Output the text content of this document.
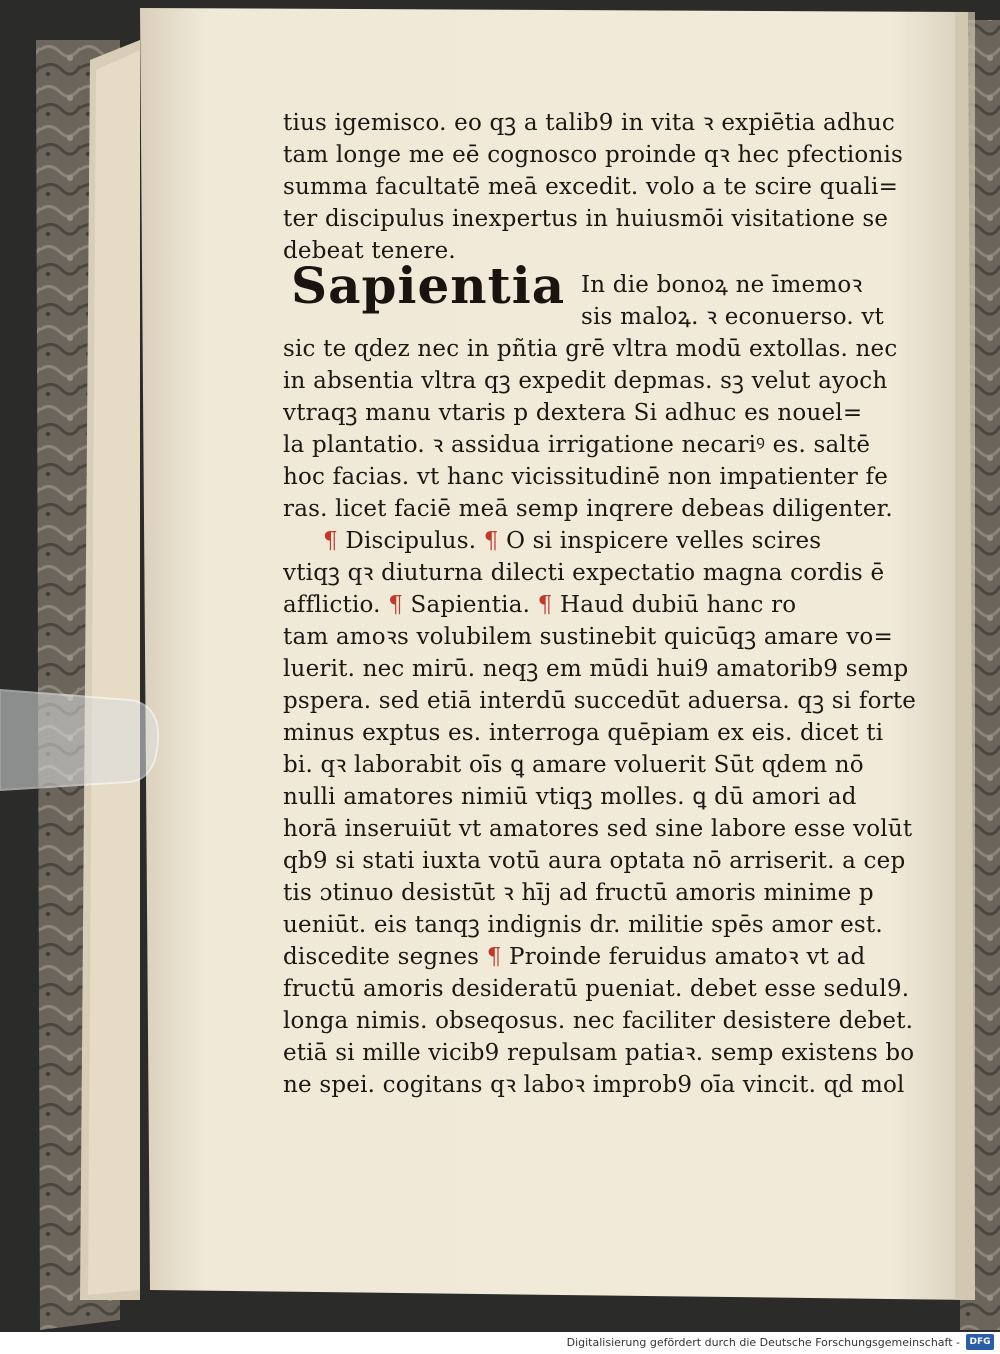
tius igemisco. eo qꝫ a talib9 in vita ꝛ expiētia adhuc
tam longe me eē cognosco proinde qꝛ hec pfectionis
summa facultatē meā excedit. volo a te scire quali=
ter discipulus inexpertus in huiusmōi visitatione se
debeat tenere.
Sapientia In die bonoꝝ ne īmemoꝛ
sis maloꝝ. ꝛ econuerso. vt
sic te ɋdez nec in pñtia grē vltra modū extollas. nec
in absentia vltra qꝫ expedit depmas. sꝫ velut ayoch
vtraqꝫ manu vtaris p dextera Si adhuc es nouel=
la plantatio. ꝛ assidua irrigatione necariꝰ es. saltē
hoc facias. vt hanc vicissitudinē non impatienter fe
ras. licet faciē meā semp inqrere debeas diligenter.
¶ Discipulus. ¶ O si inspicere velles scires
vtiqꝫ qꝛ diuturna dilecti expectatio magna cordis ē
afflictio. ¶ Sapientia. ¶ Haud dubiū hanc ro
tam amoꝛs volubilem sustinebit quicūqꝫ amare vo=
luerit. nec mirū. neqꝫ em mūdi hui9 amatorib9 semp
pspera. sed etiā interdū succedūt aduersa. qꝫ si forte
minus exptus es. interroga quēpiam ex eis. dicet ti
bi. qꝛ laborabit oīs ꝗ amare voluerit Sūt ɋdem nō
nulli amatores nimiū vtiqꝫ molles. ꝗ dū amori ad
horā inseruiūt vt amatores sed sine labore esse volūt
qb9 si stati iuxta votū aura optata nō arriserit. a cep
tis ɔtinuo desistūt ꝛ hīj ad fructū amoris minime p
ueniūt. eis tanqꝫ indignis dr. militie spēs amor est.
discedite segnes ¶ Proinde feruidus amatoꝛ vt ad
fructū amoris desideratū pueniat. debet esse sedul9.
longa nimis. obseqosus. nec faciliter desistere debet.
etiā si mille vicib9 repulsam patiaꝛ. semp existens bo
ne spei. cogitans qꝛ laboꝛ improb9 oīa vincit. ɋd mol
Digitalisierung gefördert durch die Deutsche Forschungsgemeinschaft -	DFG
